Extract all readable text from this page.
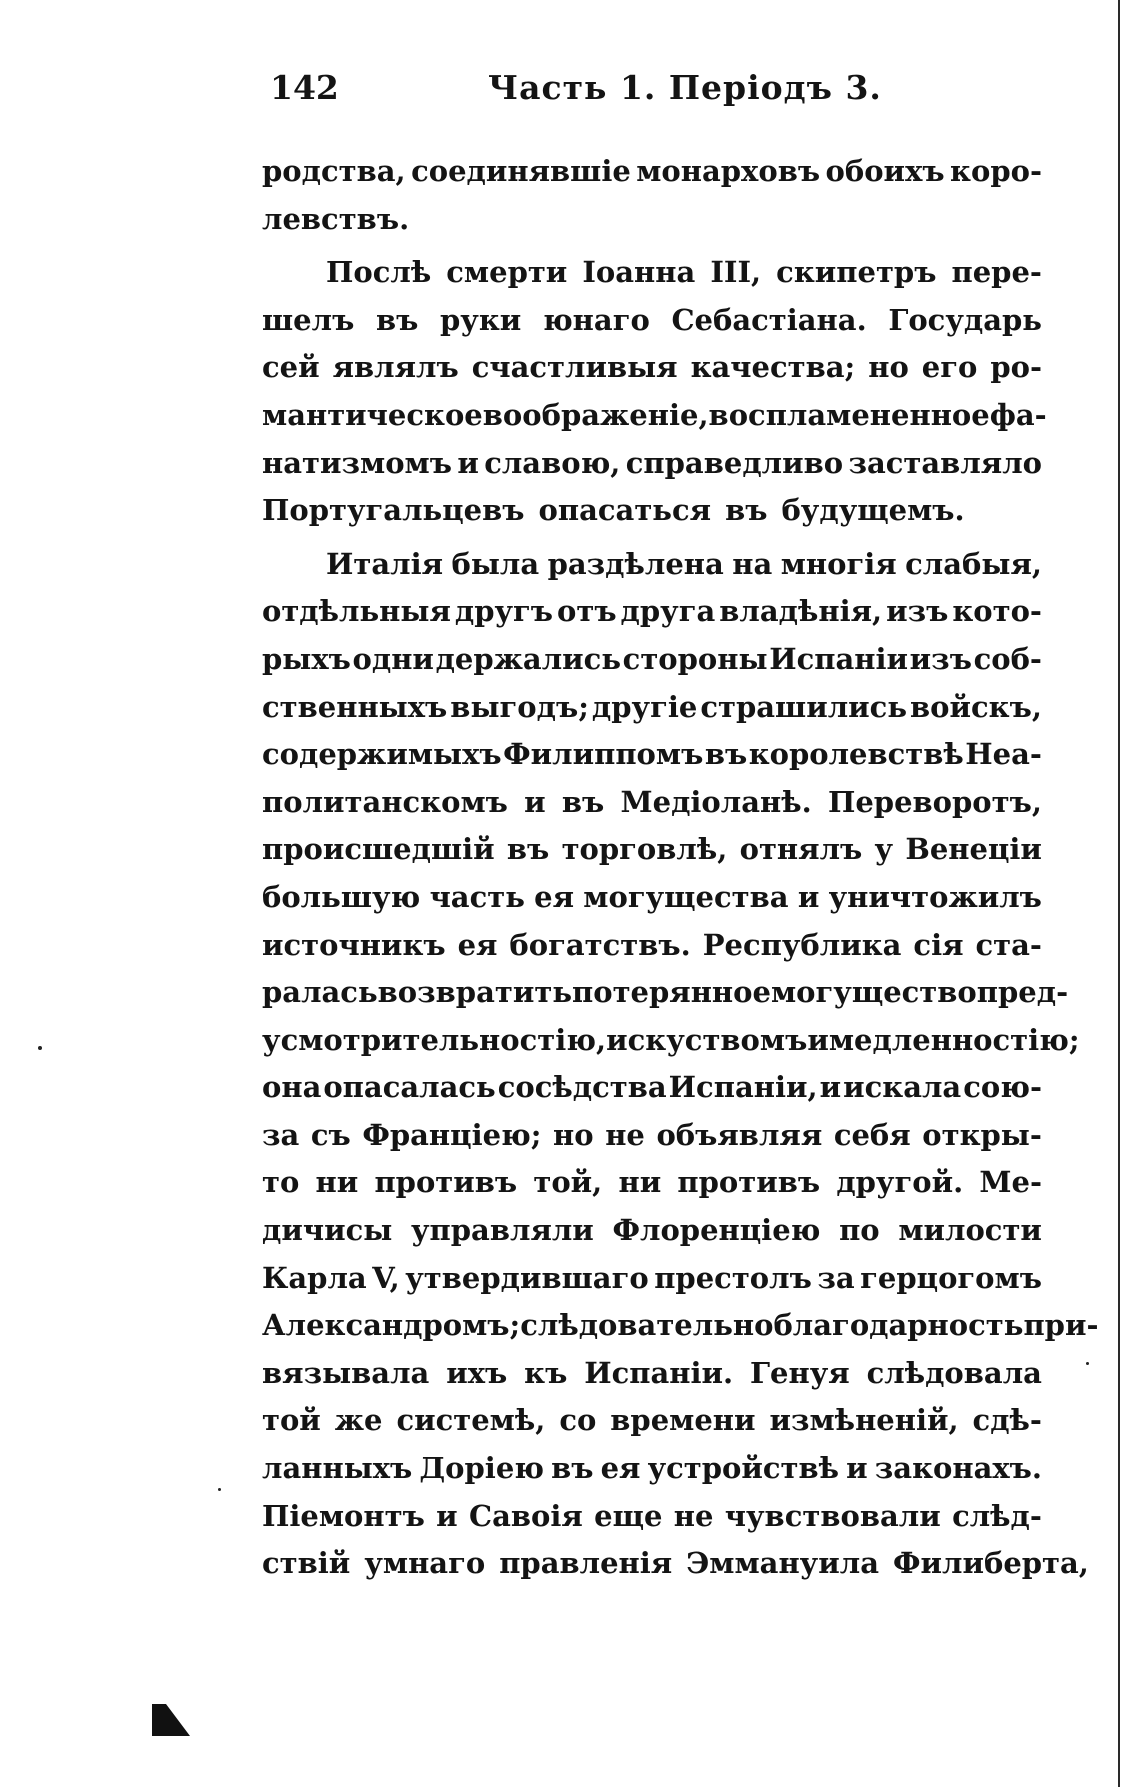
142	Часть 1. Перiодъ 3.
родства, соединявшiе монарховъ обоихъ коро-
левствъ.
Послѣ смерти Iоанна III, скипетръ пере-
шелъ въ руки юнаго Себастiана. Государь
сей являлъ счастливыя качества; но его ро-
мантическое воображенiе, воспламененное фа-
натизмомъ и славою, справедливо заставляло
Португальцевъ опасаться въ будущемъ.
Италiя была раздѣлена на многiя слабыя,
отдѣльныя другъ отъ друга владѣнiя, изъ кото-
рыхъ одни держались стороны Испанiи изъ соб-
ственныхъ выгодъ; другiе страшились войскъ,
содержимыхъ Филиппомъ въ королевствѣ Неа-
политанскомъ и въ Медiоланѣ. Переворотъ,
происшедшiй въ торговлѣ, отнялъ у Венецiи
большую часть ея могущества и уничтожилъ
источникъ ея богатствъ. Республика сiя ста-
ралась возвратить потерянное могущество пред-
усмотрительностiю, искуствомъ и медленностiю;
она опасалась сосѣдства Испанiи, и искала сою-
за съ Францiею; но не объявляя себя откры-
то ни противъ той, ни противъ другой. Ме-
дичисы управляли Флоренцiею по милости
Карла V, утвердившаго престолъ за герцогомъ
Александромъ; слѣдовательно благодарность при-
вязывала ихъ къ Испанiи. Генуя слѣдовала
той же системѣ, со времени измѣненiй, сдѣ-
ланныхъ Дорiею въ ея устройствѣ и законахъ.
Пiемонтъ и Савоiя еще не чувствовали слѣд-
ствiй умнаго правленiя Эммануила Филиберта,
